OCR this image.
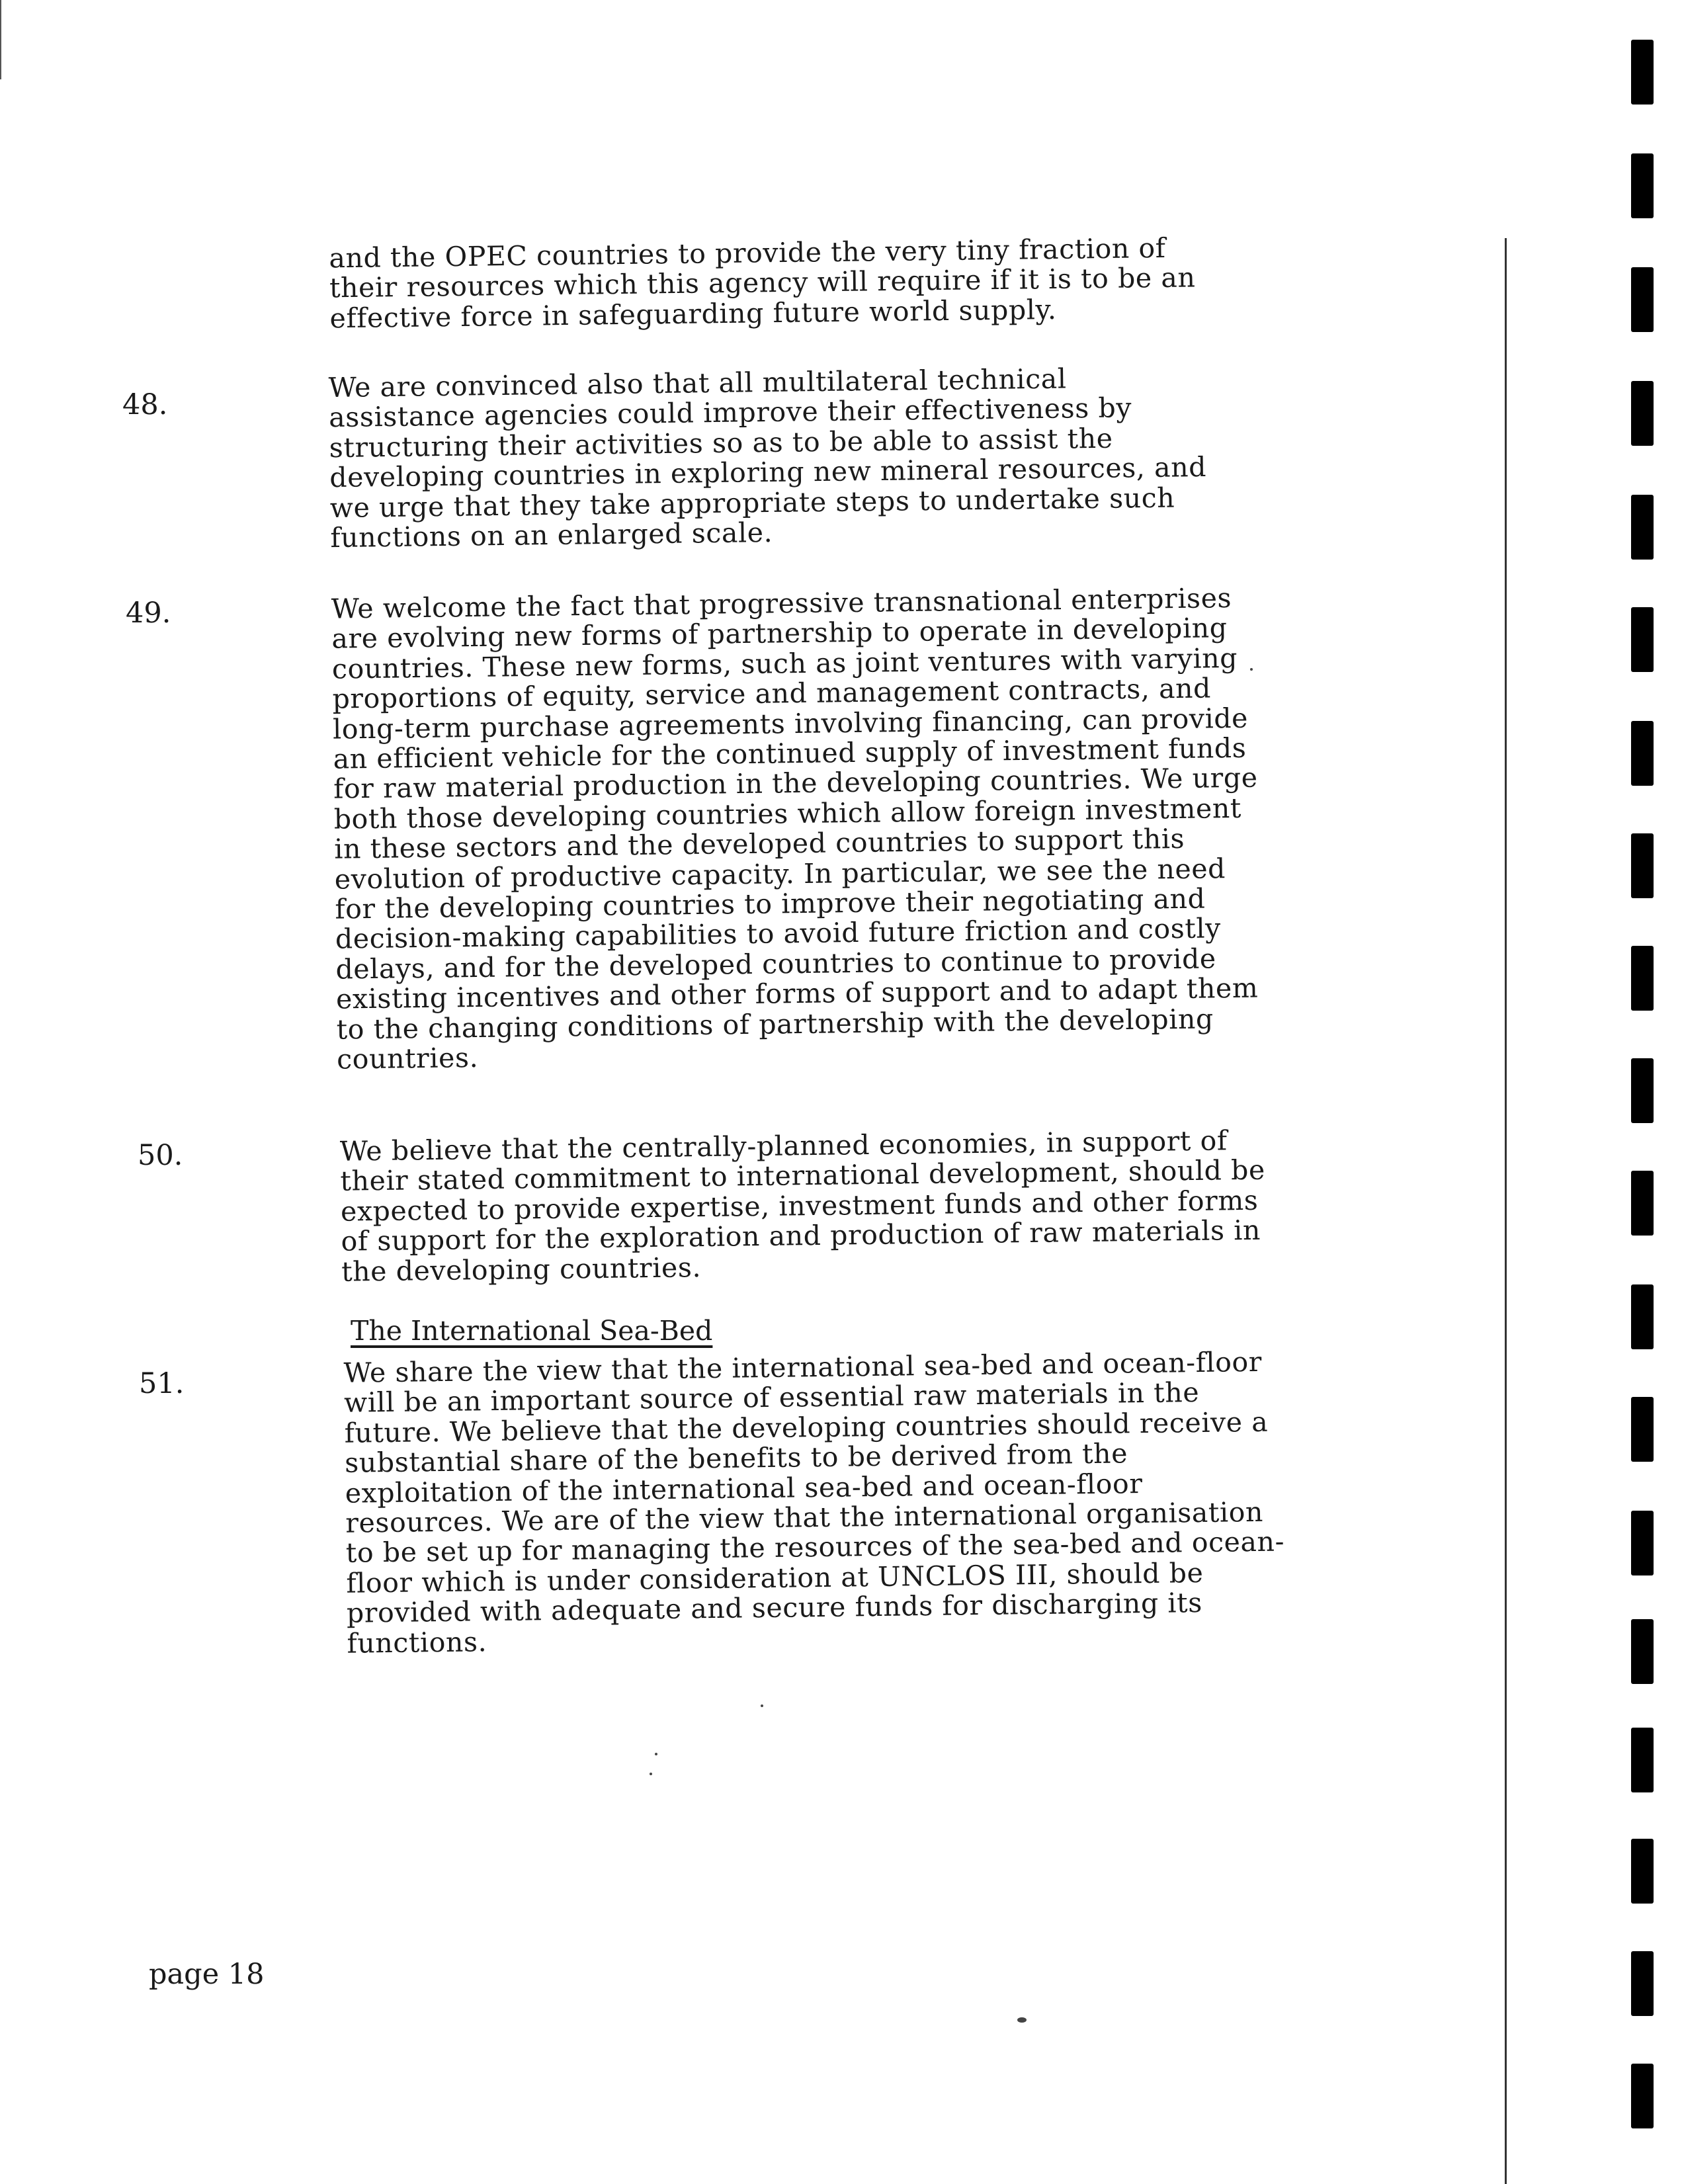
and the OPEC countries to provide the very tiny fraction of their resources which this agency will require if it is to be an effective force in safeguarding future world supply.

48.

We are convinced also that all multilateral technical assistance agencies could improve their effectiveness by structuring their activities so as to be able to assist the developing countries in exploring new mineral resources, and we urge that they take appropriate steps to undertake such functions on an enlarged scale.

49.	We welcome the fact that progressive transnational enterprises are evolving new forms of partnership to operate in developing countries. These new forms, such as joint ventures with varying proportions of equity, service and management contracts, and long-term purchase agreements involving financing, can provide an efficient vehicle for the continued supply of investment funds for raw material production in the developing countries. We urge both those developing countries which allow foreign investment in these sectors and the developed countries to support this evolution of productive capacity. In particular, we see the need for the developing countries to improve their negotiating and decision-making capabilities to avoid future friction and costly delays, and for the developed countries to continue to provide existing incentives and other forms of support and to adapt them to the changing conditions of partnership with the developing countries.

50.	We believe that the centrally-planned economies, in support of their stated commitment to international development, should be expected to provide expertise, investment funds and other forms of support for the exploration and production of raw materials in the developing countries.

The International Sea-Bed
51.	We share the view that the international sea-bed and ocean-floor will be an important source of essential raw materials in the future. We believe that the developing countries should receive a substantial share of the benefits to be derived from the exploitation of the international sea-bed and ocean-floor resources. We are of the view that the international organisation to be set up for managing the resources of the sea-bed and ocean-floor which is under consideration at UNCLOS III, should be provided with adequate and secure funds for discharging its functions.

page 18
